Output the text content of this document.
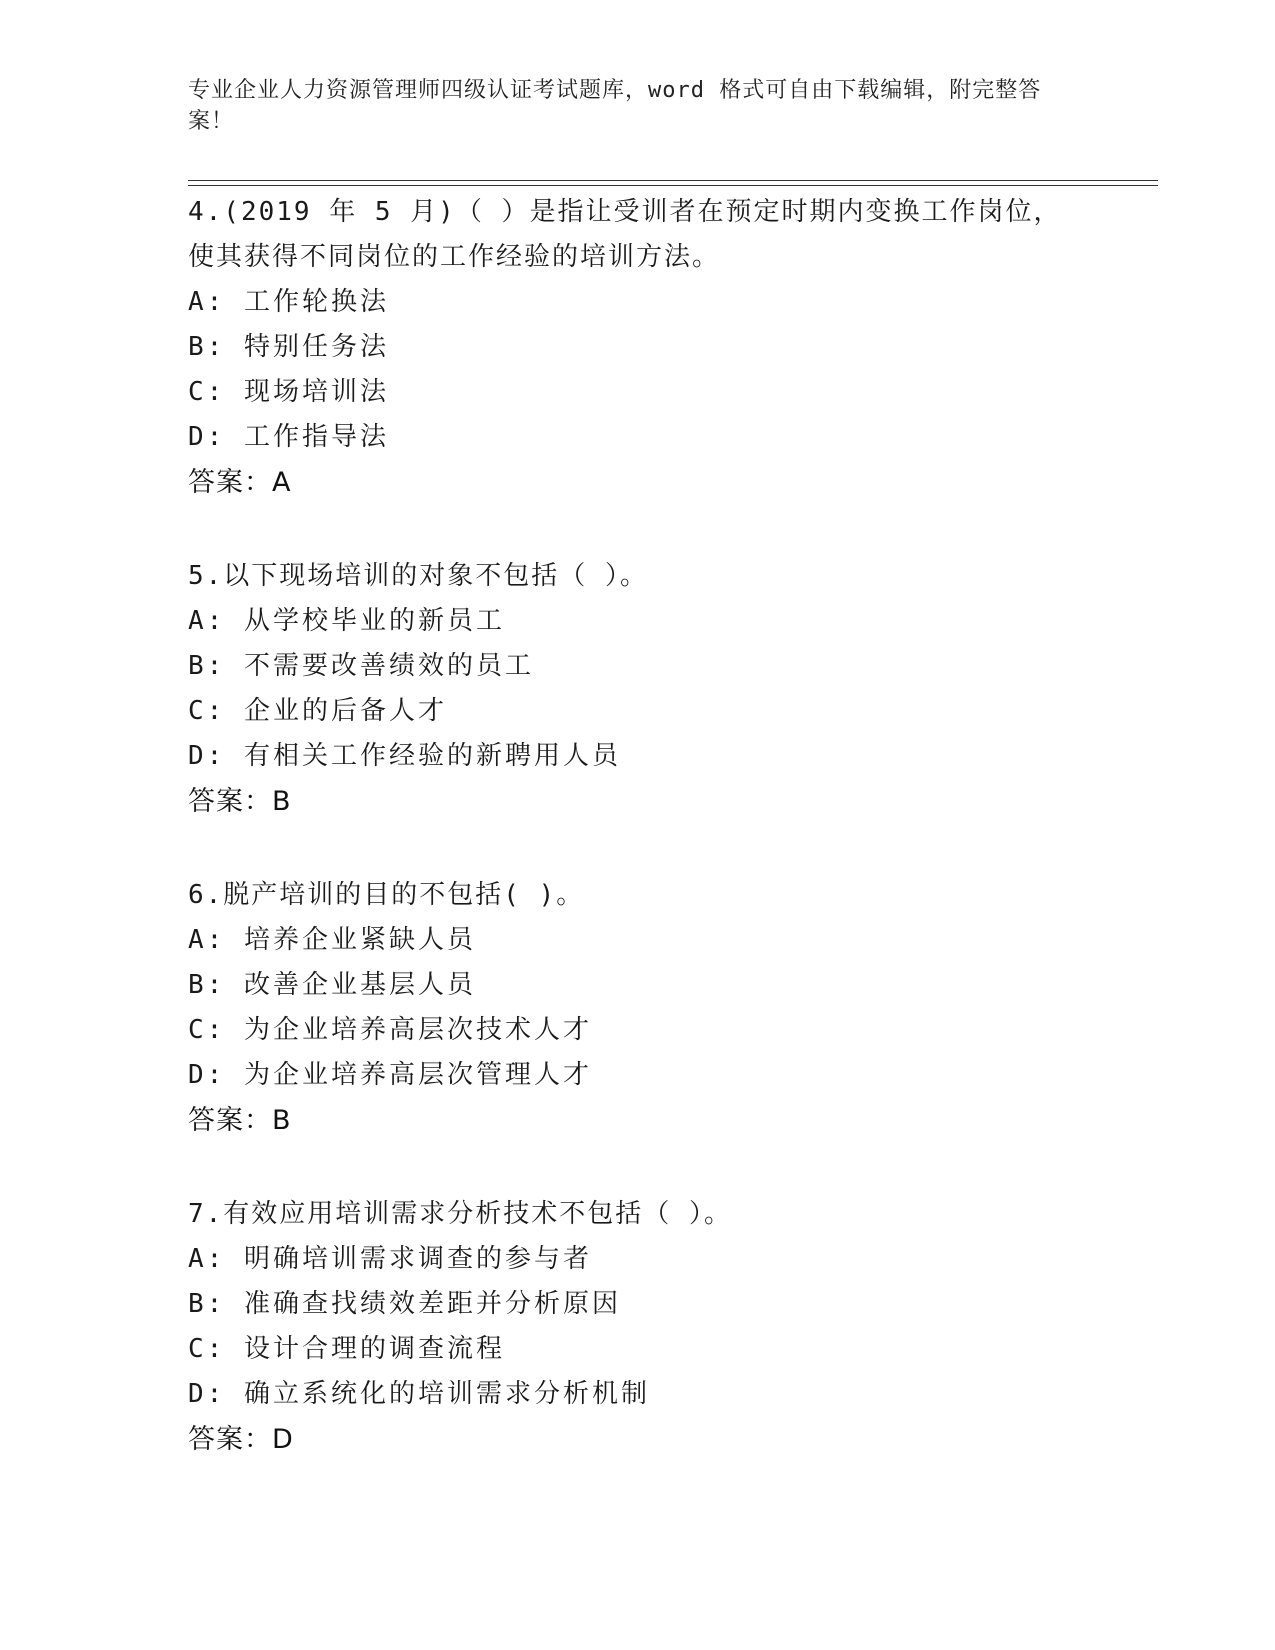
专业企业人力资源管理师四级认证考试题库，word 格式可自由下载编辑，附完整答案！
4.(2019 年 5 月)（ ）是指让受训者在预定时期内变换工作岗位，使其获得不同岗位的工作经验的培训方法。
A: 工作轮换法
B: 特别任务法
C: 现场培训法
D: 工作指导法
答案：A
5.以下现场培训的对象不包括（ ）。
A: 从学校毕业的新员工
B: 不需要改善绩效的员工
C: 企业的后备人才
D: 有相关工作经验的新聘用人员
答案：B
6.脱产培训的目的不包括( )。
A: 培养企业紧缺人员
B: 改善企业基层人员
C: 为企业培养高层次技术人才
D: 为企业培养高层次管理人才
答案：B
7.有效应用培训需求分析技术不包括（ ）。
A: 明确培训需求调查的参与者
B: 准确查找绩效差距并分析原因
C: 设计合理的调查流程
D: 确立系统化的培训需求分析机制
答案：D
